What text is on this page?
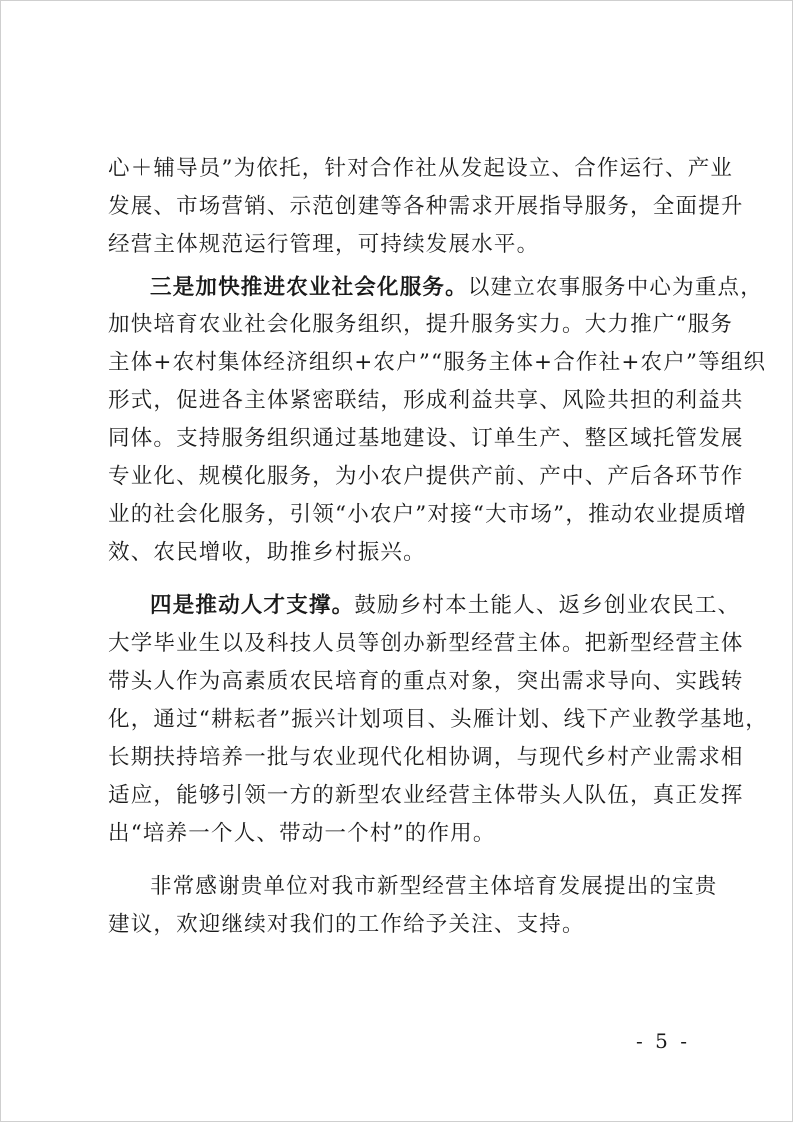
心＋辅导员”为依托，针对合作社从发起设立、合作运行、产业
发展、市场营销、示范创建等各种需求开展指导服务，全面提升
经营主体规范运行管理，可持续发展水平。
三是加快推进农业社会化服务。以建立农事服务中心为重点，
加快培育农业社会化服务组织，提升服务实力。大力推广“服务
主体+农村集体经济组织+农户”“服务主体+合作社+农户”等组织
形式，促进各主体紧密联结，形成利益共享、风险共担的利益共
同体。支持服务组织通过基地建设、订单生产、整区域托管发展
专业化、规模化服务，为小农户提供产前、产中、产后各环节作
业的社会化服务，引领“小农户”对接“大市场”，推动农业提质增
效、农民增收，助推乡村振兴。
四是推动人才支撑。鼓励乡村本土能人、返乡创业农民工、
大学毕业生以及科技人员等创办新型经营主体。把新型经营主体
带头人作为高素质农民培育的重点对象，突出需求导向、实践转
化，通过“耕耘者”振兴计划项目、头雁计划、线下产业教学基地，
长期扶持培养一批与农业现代化相协调，与现代乡村产业需求相
适应，能够引领一方的新型农业经营主体带头人队伍，真正发挥
出“培养一个人、带动一个村”的作用。
非常感谢贵单位对我市新型经营主体培育发展提出的宝贵
建议，欢迎继续对我们的工作给予关注、支持。
- 5 -
